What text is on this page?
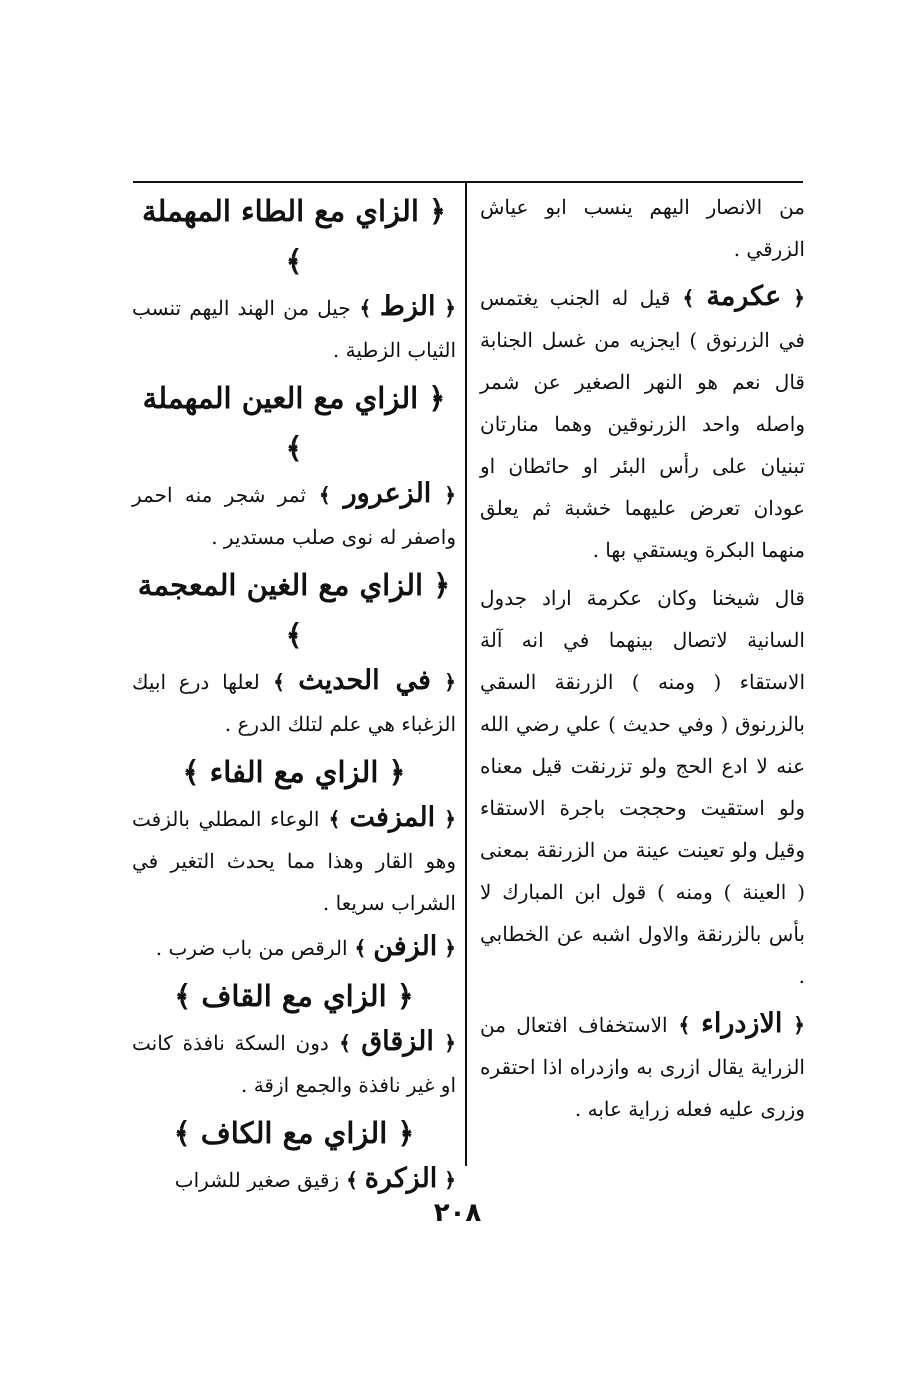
من الانصار اليهم ينسب ابو عياش الزرقي .

﴿ عكرمة ﴾ قيل له الجنب يغتمس في الزرنوق ) ايجزيه من غسل الجنابة قال نعم هو النهر الصغير عن شمر واصله واحد الزرنوقين وهما منارتان تبنيان على رأس البئر او حائطان او عودان تعرض عليهما خشبة ثم يعلق منهما البكرة ويستقي بها .

قال شيخنا وكان عكرمة اراد جدول السانية لاتصال بينهما في انه آلة الاستقاء ( ومنه ) الزرنقة السقي بالزرنوق ( وفي حديث ) علي رضي الله عنه لا ادع الحج ولو تزرنقت قيل معناه ولو استقيت وحججت باجرة الاستقاء وقيل ولو تعينت عينة من الزرنقة بمعنى ( العينة ) ومنه ) قول ابن المبارك لا بأس بالزرنقة والاول اشبه عن الخطابي .

﴿ الازدراء ﴾ الاستخفاف افتعال من الزراية يقال ازرى به وازدراه اذا احتقره وزرى عليه فعله زراية عابه .

﴿ الزاي مع الطاء المهملة ﴾

﴿ الزط ﴾ جيل من الهند اليهم تنسب الثياب الزطية .

﴿ الزاي مع العين المهملة ﴾

﴿ الزعرور ﴾ ثمر شجر منه احمر واصفر له نوى صلب مستدير .

﴿ الزاي مع الغين المعجمة ﴾

﴿ في الحديث ﴾ لعلها درع ابيك الزغباء هي علم لتلك الدرع .

﴿ الزاي مع الفاء ﴾

﴿ المزفت ﴾ الوعاء المطلي بالزفت وهو القار وهذا مما يحدث التغير في الشراب سريعا .

﴿ الزفن ﴾ الرقص من باب ضرب .

﴿ الزاي مع القاف ﴾

﴿ الزقاق ﴾ دون السكة نافذة كانت او غير نافذة والجمع ازقة .

﴿ الزاي مع الكاف ﴾

﴿ الزكرة ﴾ زقيق صغير للشراب

٢٠٨
